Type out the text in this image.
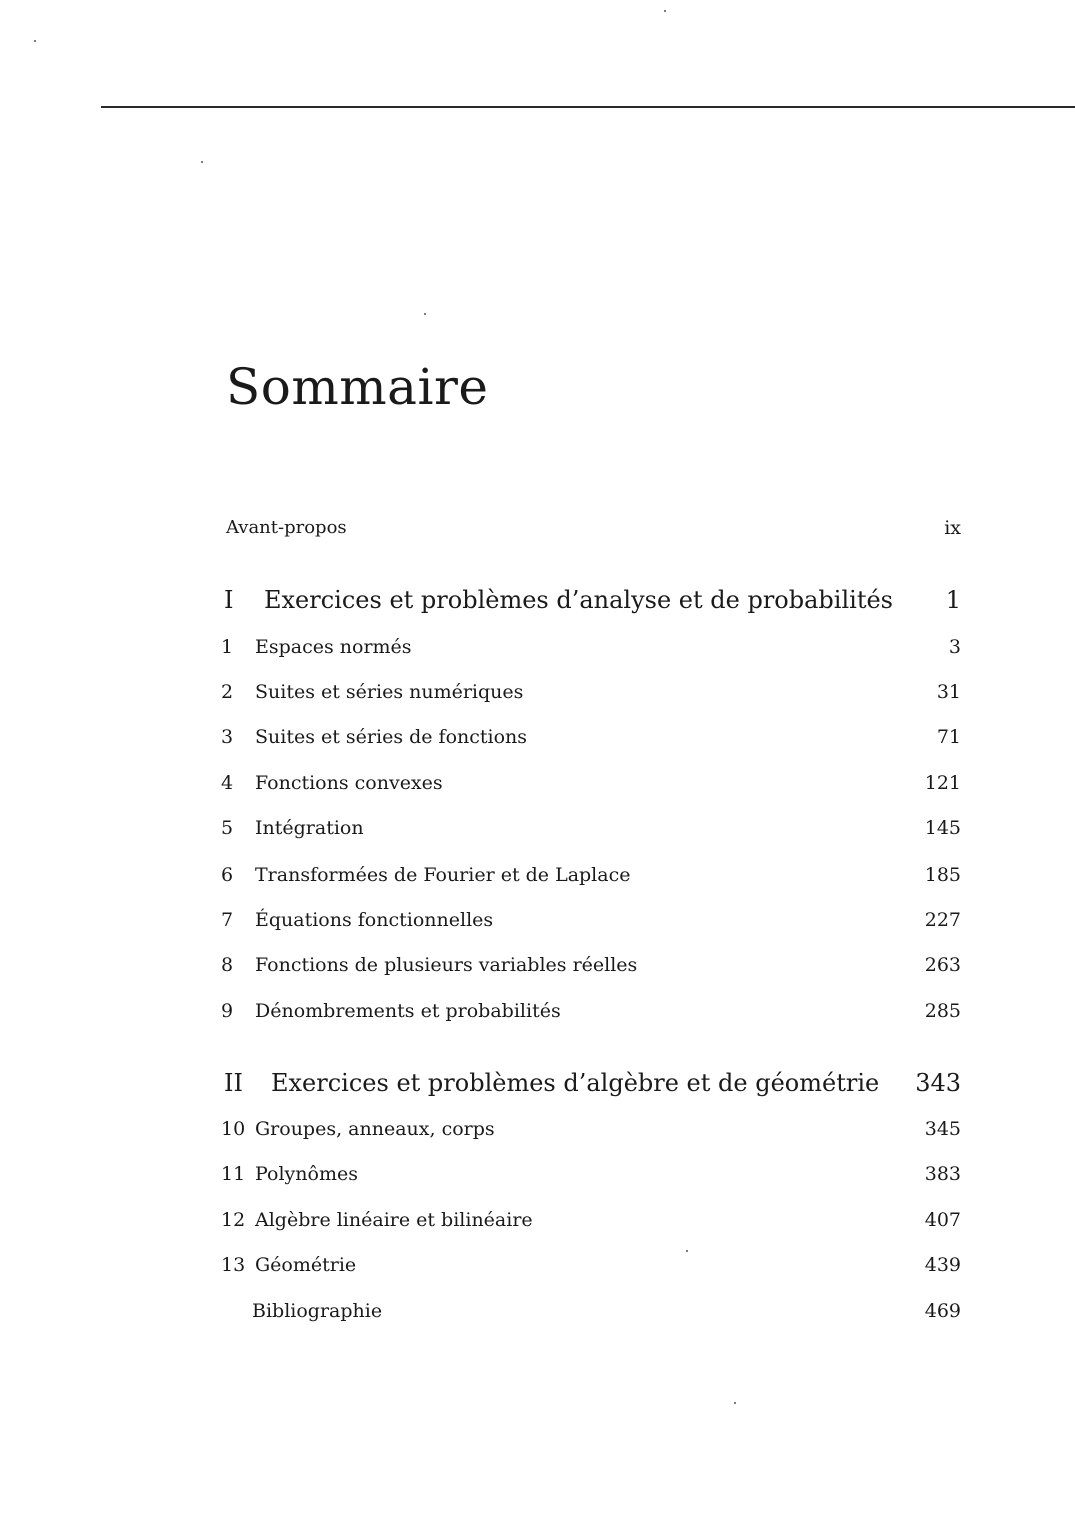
Sommaire
Avant-propos	ix
I Exercices et problèmes d’analyse et de probabilités 1
1 Espaces normés	3
2 Suites et séries numériques	31
3 Suites et séries de fonctions	71
4 Fonctions convexes	121
5 Intégration	145
6 Transformées de Fourier et de Laplace	185
7 Équations fonctionnelles	227
8 Fonctions de plusieurs variables réelles	263
9 Dénombrements et probabilités	285
II Exercices et problèmes d’algèbre et de géométrie 343
10 Groupes, anneaux, corps	345
11 Polynômes	383
12 Algèbre linéaire et bilinéaire	407
13 Géométrie	439
Bibliographie	469
